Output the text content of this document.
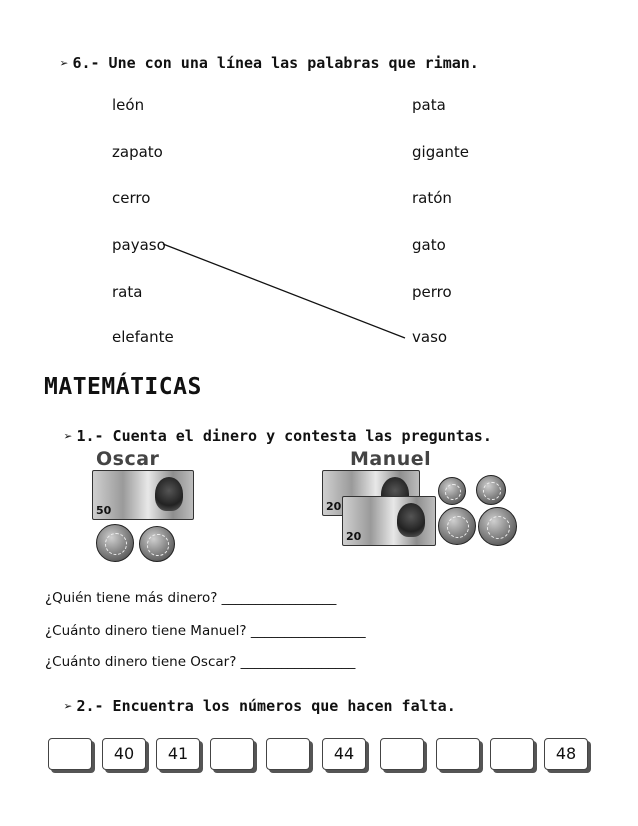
➢ 6.- Une con una línea las palabras que riman.
león
zapato
cerro
payaso
rata
elefante
pata
gigante
ratón
gato
perro
vaso
MATEMÁTICAS
➢ 1.- Cuenta el dinero y contesta las preguntas.
Oscar
50
Manuel
20
20
¿Quién tiene más dinero? _________________
¿Cuánto dinero tiene Manuel? _________________
¿Cuánto dinero tiene Oscar? _________________
➢ 2.- Encuentra los números que hacen falta.
40	41	44	48
